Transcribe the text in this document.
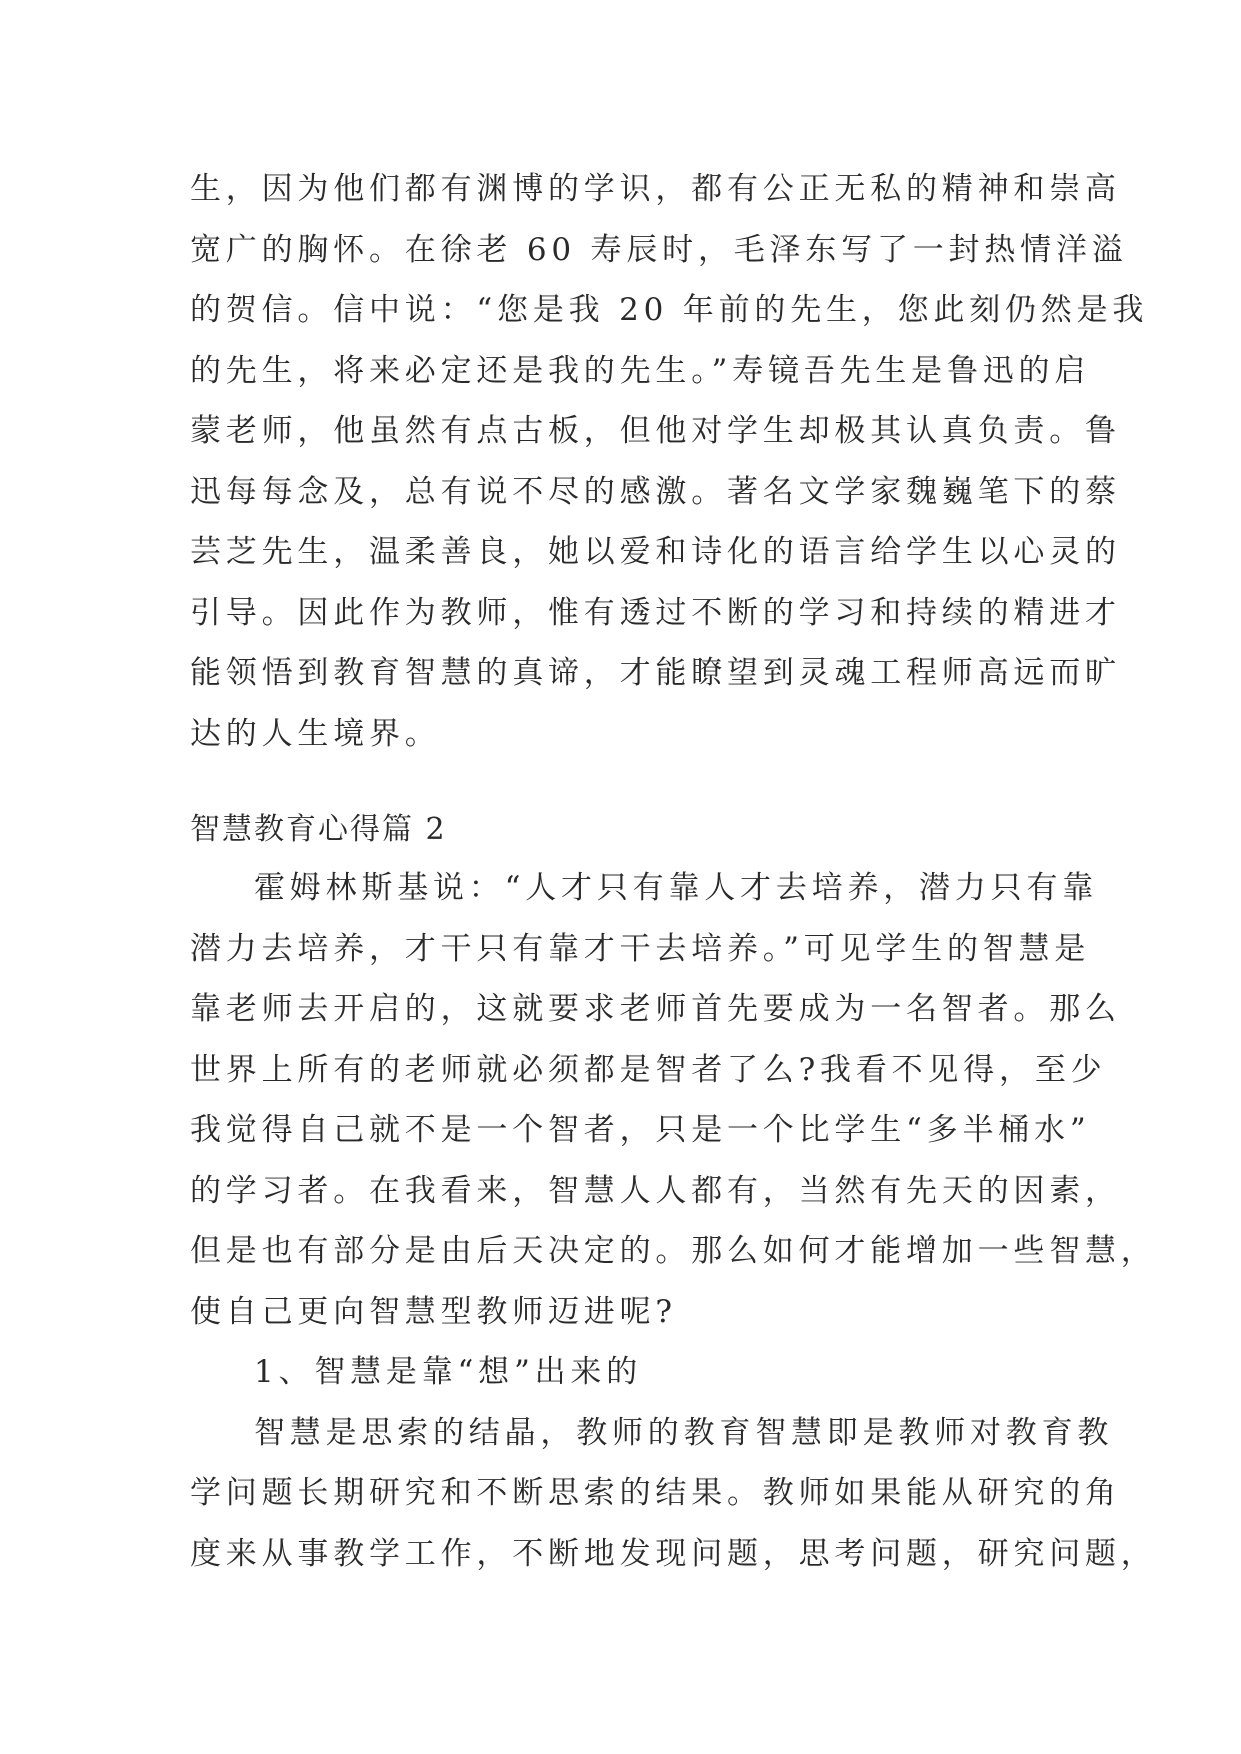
生，因为他们都有渊博的学识，都有公正无私的精神和崇高
宽广的胸怀。在徐老 60 寿辰时，毛泽东写了一封热情洋溢
的贺信。信中说：“您是我 20 年前的先生，您此刻仍然是我
的先生，将来必定还是我的先生。”寿镜吾先生是鲁迅的启
蒙老师，他虽然有点古板，但他对学生却极其认真负责。鲁
迅每每念及，总有说不尽的感激。著名文学家魏巍笔下的蔡
芸芝先生，温柔善良，她以爱和诗化的语言给学生以心灵的
引导。因此作为教师，惟有透过不断的学习和持续的精进才
能领悟到教育智慧的真谛，才能瞭望到灵魂工程师高远而旷
达的人生境界。
智慧教育心得篇 2
霍姆林斯基说：“人才只有靠人才去培养，潜力只有靠
潜力去培养，才干只有靠才干去培养。”可见学生的智慧是
靠老师去开启的，这就要求老师首先要成为一名智者。那么
世界上所有的老师就必须都是智者了么?我看不见得，至少
我觉得自己就不是一个智者，只是一个比学生“多半桶水”
的学习者。在我看来，智慧人人都有，当然有先天的因素，
但是也有部分是由后天决定的。那么如何才能增加一些智慧，
使自己更向智慧型教师迈进呢?
1、智慧是靠“想”出来的
智慧是思索的结晶，教师的教育智慧即是教师对教育教
学问题长期研究和不断思索的结果。教师如果能从研究的角
度来从事教学工作，不断地发现问题，思考问题，研究问题，
